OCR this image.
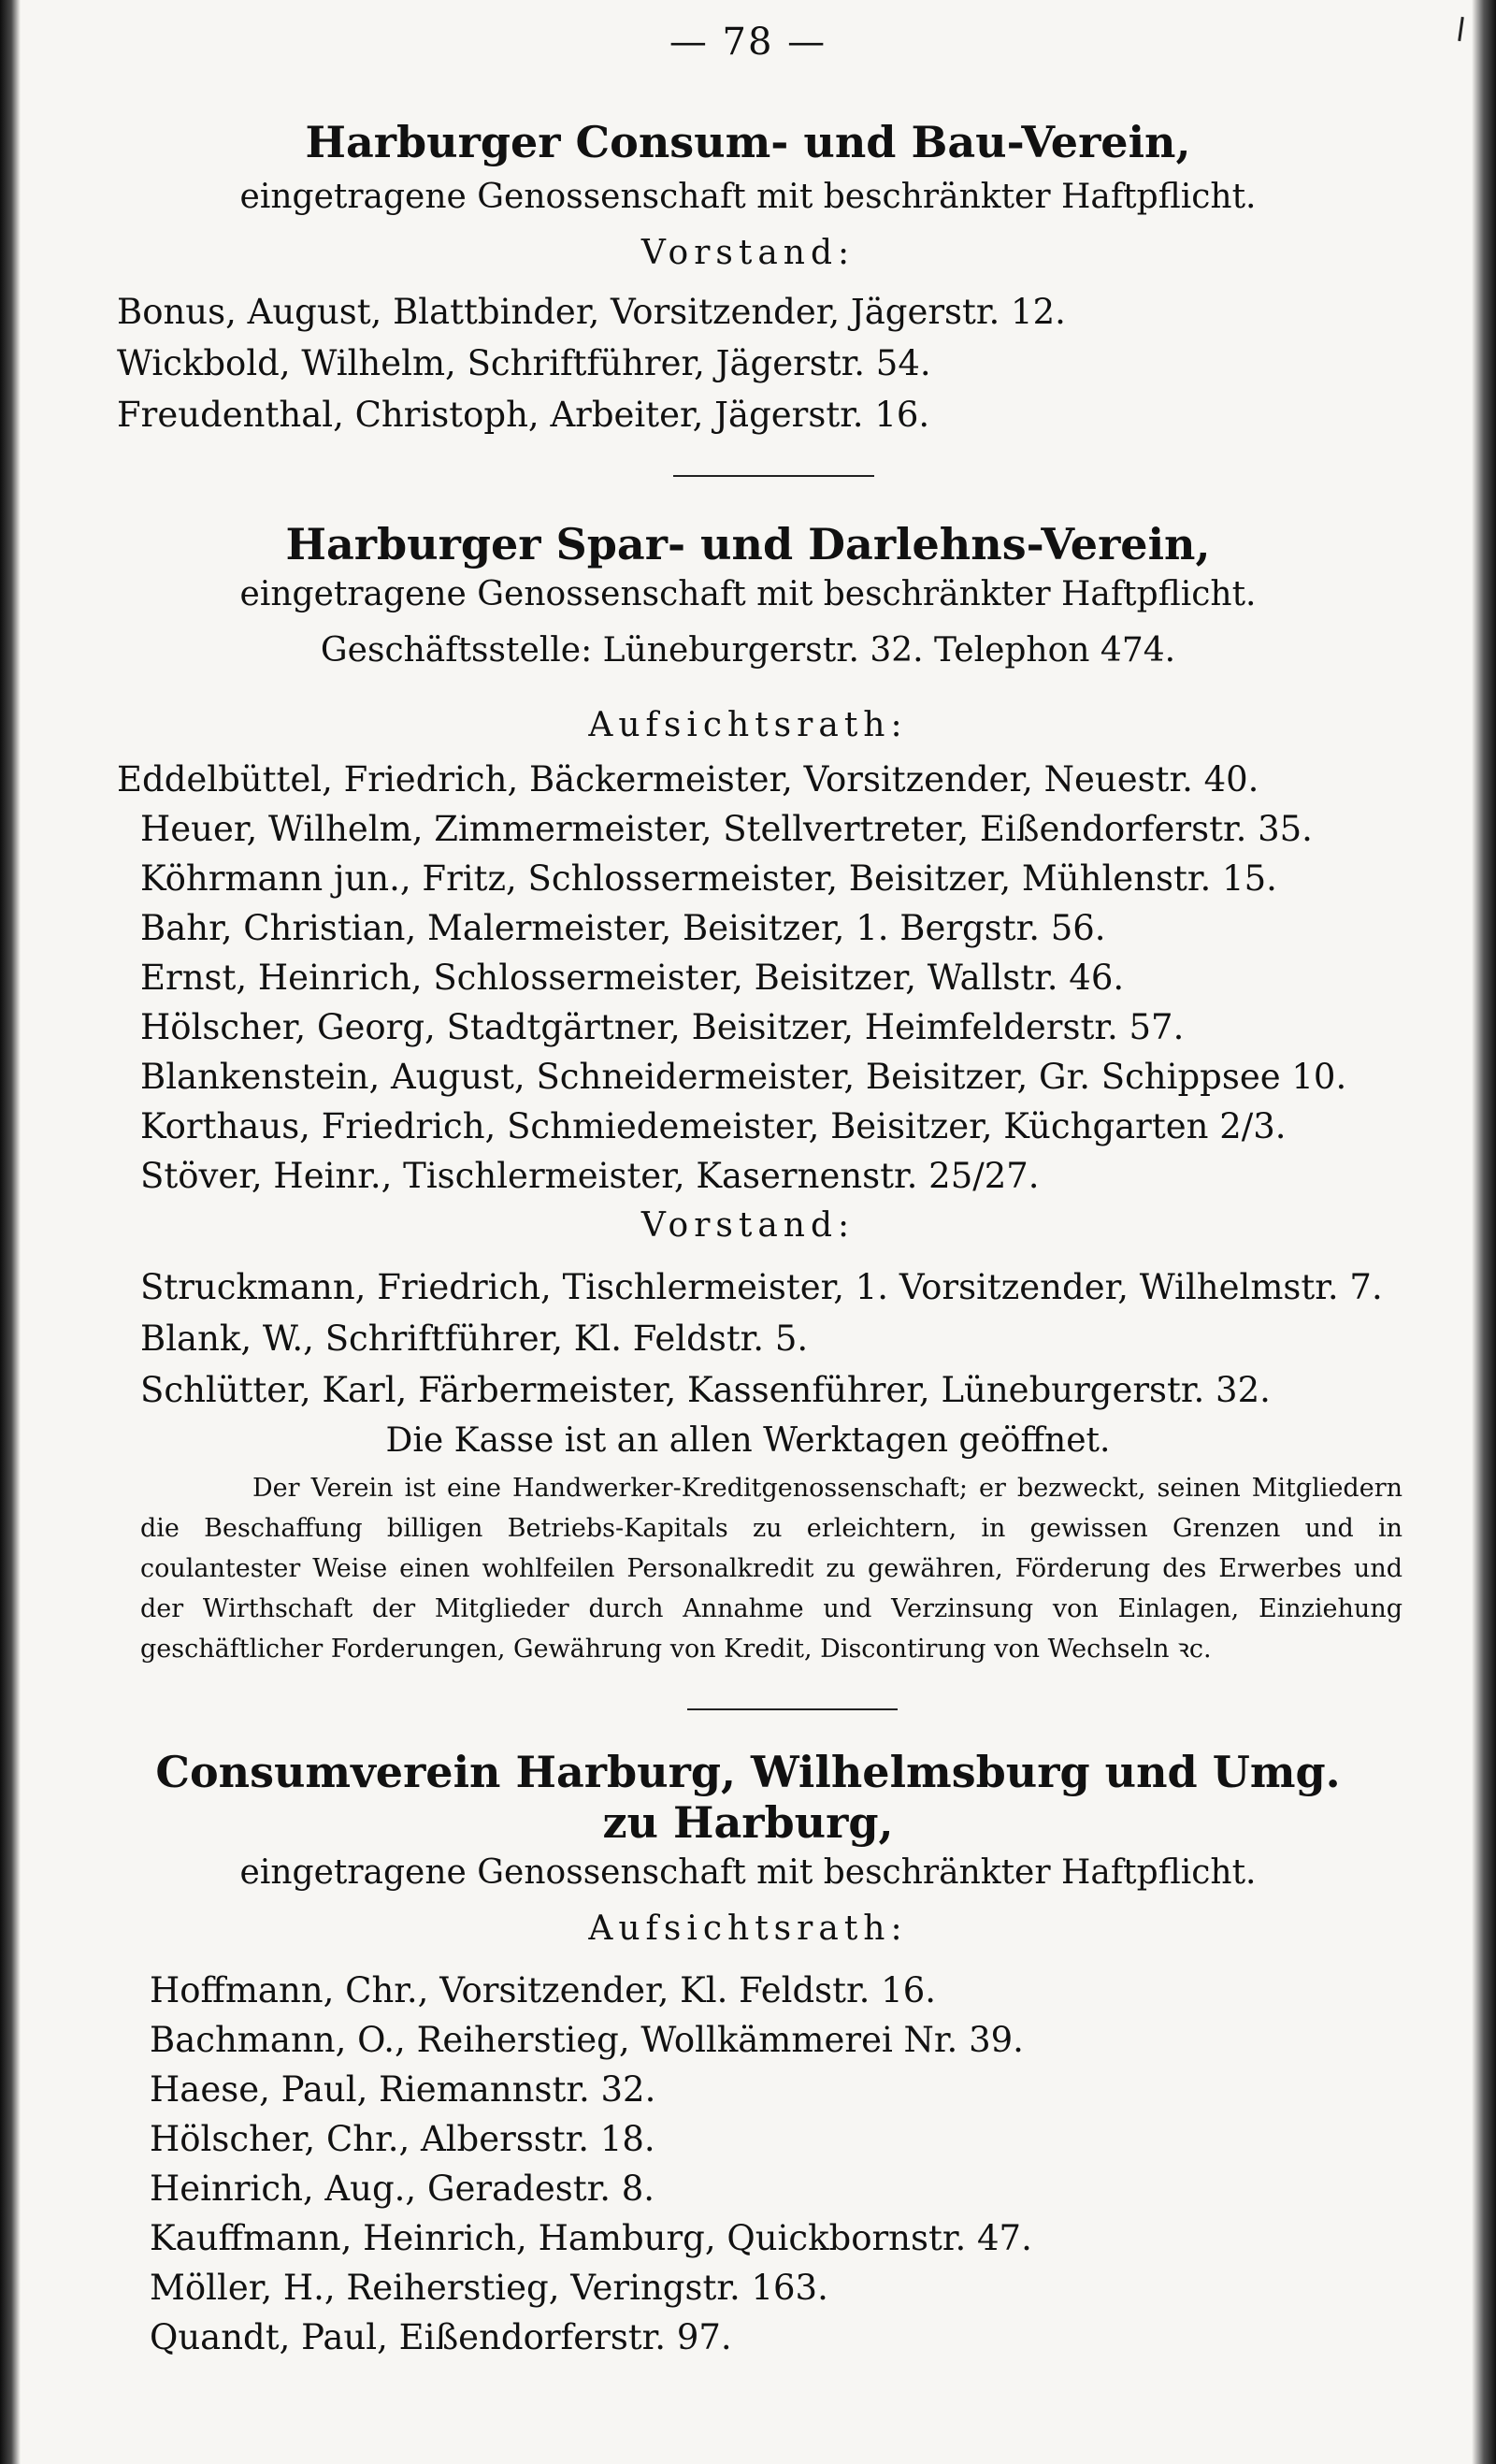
— 78 —
Harburger Consum- und Bau-Verein,
eingetragene Genossenschaft mit beschränkter Haftpflicht.
Vorstand:
Bonus, August, Blattbinder, Vorsitzender, Jägerstr. 12.
Wickbold, Wilhelm, Schriftführer, Jägerstr. 54.
Freudenthal, Christoph, Arbeiter, Jägerstr. 16.
Harburger Spar- und Darlehns-Verein,
eingetragene Genossenschaft mit beschränkter Haftpflicht.
Geschäftsstelle: Lüneburgerstr. 32. Telephon 474.
Aufsichtsrath:
Eddelbüttel, Friedrich, Bäckermeister, Vorsitzender, Neuestr. 40.
Heuer, Wilhelm, Zimmermeister, Stellvertreter, Eißendorferstr. 35.
Köhrmann jun., Fritz, Schlossermeister, Beisitzer, Mühlenstr. 15.
Bahr, Christian, Malermeister, Beisitzer, 1. Bergstr. 56.
Ernst, Heinrich, Schlossermeister, Beisitzer, Wallstr. 46.
Hölscher, Georg, Stadtgärtner, Beisitzer, Heimfelderstr. 57.
Blankenstein, August, Schneidermeister, Beisitzer, Gr. Schippsee 10.
Korthaus, Friedrich, Schmiedemeister, Beisitzer, Küchgarten 2/3.
Stöver, Heinr., Tischlermeister, Kasernenstr. 25/27.
Vorstand:
Struckmann, Friedrich, Tischlermeister, 1. Vorsitzender, Wilhelmstr. 7.
Blank, W., Schriftführer, Kl. Feldstr. 5.
Schlütter, Karl, Färbermeister, Kassenführer, Lüneburgerstr. 32.
Die Kasse ist an allen Werktagen geöffnet.
Der Verein ist eine Handwerker-Kreditgenossenschaft; er bezweckt, seinen Mitgliedern die Beschaffung billigen Betriebs-Kapitals zu erleichtern, in gewissen Grenzen und in coulantester Weise einen wohlfeilen Personalkredit zu gewähren, Förderung des Erwerbes und der Wirthschaft der Mitglieder durch Annahme und Verzinsung von Einlagen, Einziehung geschäftlicher Forderungen, Gewährung von Kredit, Discontirung von Wechseln ꝛc.
Consumverein Harburg, Wilhelmsburg und Umg.
zu Harburg,
eingetragene Genossenschaft mit beschränkter Haftpflicht.
Aufsichtsrath:
Hoffmann, Chr., Vorsitzender, Kl. Feldstr. 16.
Bachmann, O., Reiherstieg, Wollkämmerei Nr. 39.
Haese, Paul, Riemannstr. 32.
Hölscher, Chr., Albersstr. 18.
Heinrich, Aug., Geradestr. 8.
Kauffmann, Heinrich, Hamburg, Quickbornstr. 47.
Möller, H., Reiherstieg, Veringstr. 163.
Quandt, Paul, Eißendorferstr. 97.
